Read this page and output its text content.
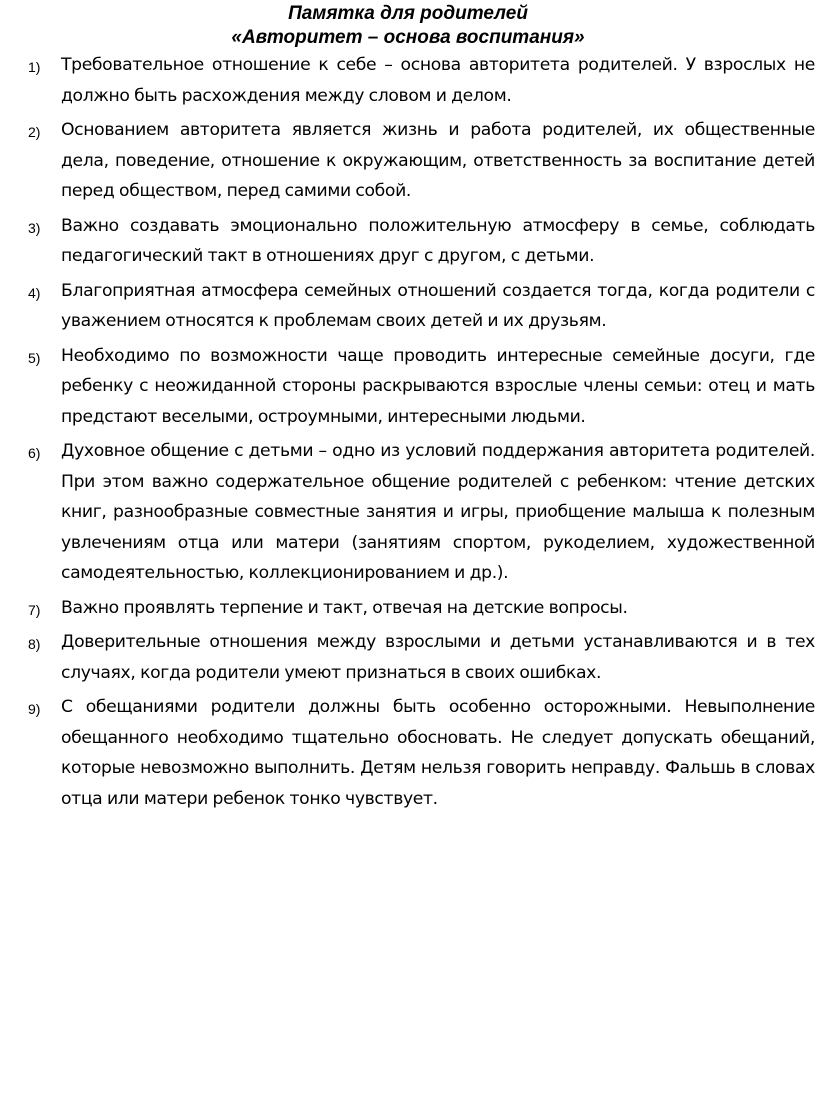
Памятка для родителей
«Авторитет – основа воспитания»
1) Требовательное отношение к себе – основа авторитета родителей. У взрослых не должно быть расхождения между словом и делом.
2) Основанием авторитета является жизнь и работа родителей, их общественные дела, поведение, отношение к окружающим, ответственность за воспитание детей перед обществом, перед самими собой.
3) Важно создавать эмоционально положительную атмосферу в семье, соблюдать педагогический такт в отношениях друг с другом, с детьми.
4) Благоприятная атмосфера семейных отношений создается тогда, когда родители с уважением относятся к проблемам своих детей и их друзьям.
5) Необходимо по возможности чаще проводить интересные семейные досуги, где ребенку с неожиданной стороны раскрываются взрослые члены семьи: отец и мать предстают веселыми, остроумными, интересными людьми.
6) Духовное общение с детьми – одно из условий поддержания авторитета родителей. При этом важно содержательное общение родителей с ребенком: чтение детских книг, разнообразные совместные занятия и игры, приобщение малыша к полезным увлечениям отца или матери (занятиям спортом, рукоделием, художественной самодеятельностью, коллекционированием и др.).
7) Важно проявлять терпение и такт, отвечая на детские вопросы.
8) Доверительные отношения между взрослыми и детьми устанавливаются и в тех случаях, когда родители умеют признаться в своих ошибках.
9) С обещаниями родители должны быть особенно осторожными. Невыполнение обещанного необходимо тщательно обосновать. Не следует допускать обещаний, которые невозможно выполнить. Детям нельзя говорить неправду. Фальшь в словах отца или матери ребенок тонко чувствует.
